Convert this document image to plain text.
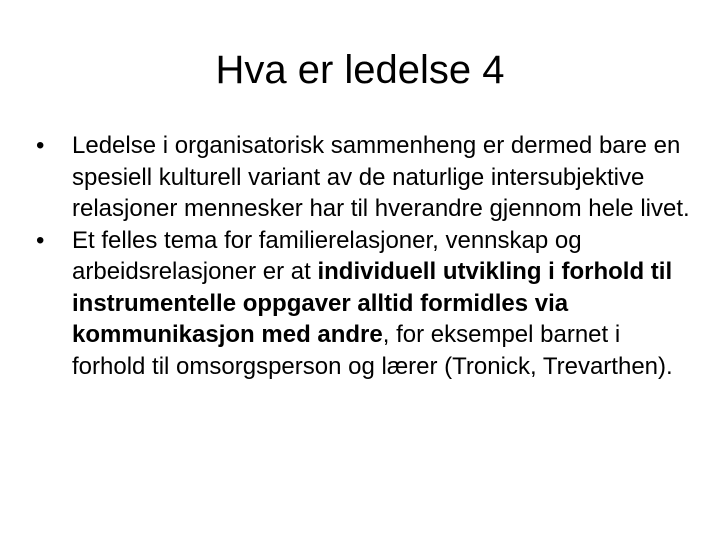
Hva er ledelse 4
•	Ledelse i organisatorisk sammenheng er dermed bare en spesiell kulturell variant av de naturlige intersubjektive relasjoner mennesker har til hverandre gjennom hele livet.
•	Et felles tema for familierelasjoner, vennskap og arbeidsrelasjoner er at individuell utvikling i forhold til instrumentelle oppgaver alltid formidles via kommunikasjon med andre, for eksempel barnet i forhold til omsorgsperson og lærer (Tronick, Trevarthen).
